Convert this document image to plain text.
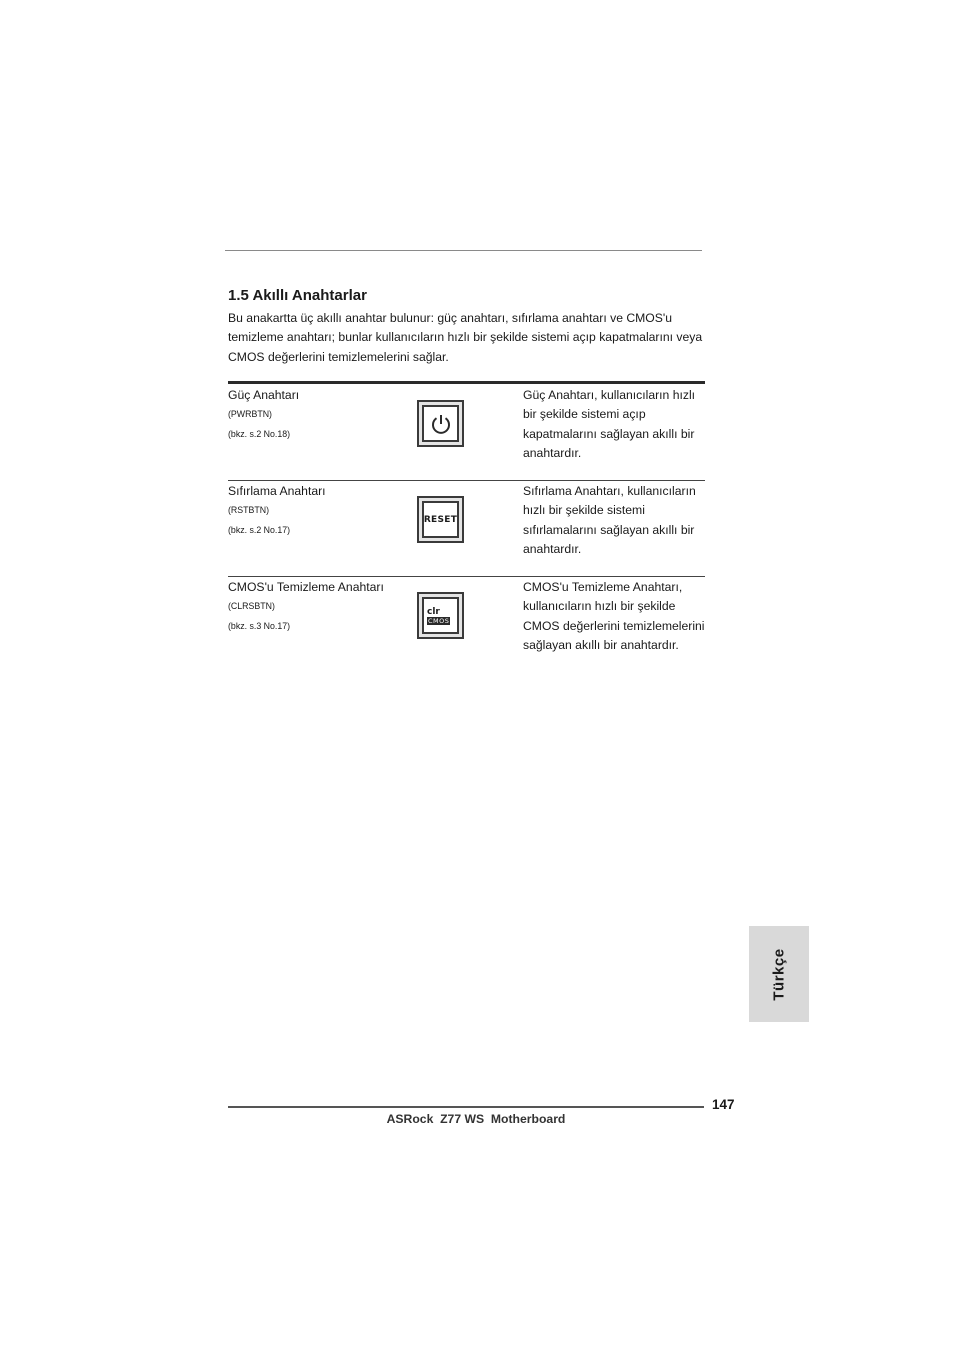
1.5 Akıllı Anahtarlar

Bu anakartta üç akıllı anahtar bulunur: güç anahtarı, sıfırlama anahtarı ve CMOS'u temizleme anahtarı; bunlar kullanıcıların hızlı bir şekilde sistemi açıp kapatmalarını veya CMOS değerlerini temizlemelerini sağlar.

Güç Anahtarı
(PWRBTN)
(bkz. s.2 No.18)
Güç Anahtarı, kullanıcıların hızlı bir şekilde sistemi açıp kapatmalarını sağlayan akıllı bir anahtardır.
Sıfırlama Anahtarı
(RSTBTN)
(bkz. s.2 No.17)
RESET
Sıfırlama Anahtarı, kullanıcıların hızlı bir şekilde sistemi sıfırlamalarını sağlayan akıllı bir anahtardır.
CMOS'u Temizleme Anahtarı
(CLRSBTN)
(bkz. s.3 No.17)
clr
CMOS
CMOS'u Temizleme Anahtarı, kullanıcıların hızlı bir şekilde CMOS değerlerini temizlemelerini sağlayan akıllı bir anahtardır.
Türkçe
147
ASRock  Z77 WS  Motherboard
